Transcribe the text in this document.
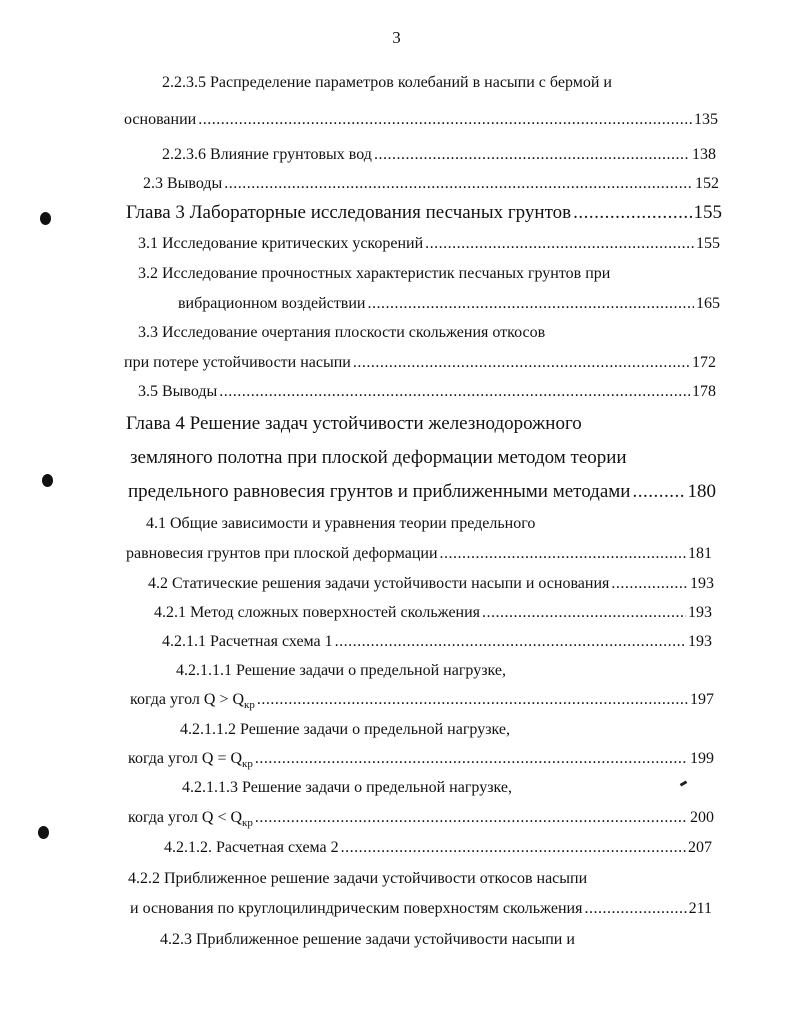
3
2.2.3.5 Распределение параметров колебаний в насыпи с бермой и
основании .....	135
2.2.3.6 Влияние грунтовых вод .....	138
2.3 Выводы .....	152
Глава 3 Лабораторные исследования песчаных грунтов .....	155
3.1 Исследование критических ускорений .....	155
3.2 Исследование прочностных характеристик песчаных грунтов при
вибрационном воздействии .....	165
3.3 Исследование очертания плоскости скольжения откосов
при потере устойчивости насыпи .....	172
3.5 Выводы .....	178
Глава 4 Решение задач устойчивости железнодорожного
земляного полотна при плоской деформации методом теории
предельного равновесия грунтов и приближенными методами .....	180
4.1 Общие зависимости и уравнения теории предельного
равновесия грунтов при плоской деформации .....	181
4.2 Статические решения задачи устойчивости насыпи и основания .....	193
4.2.1 Метод сложных поверхностей скольжения .....	193
4.2.1.1 Расчетная схема 1 .....	193
4.2.1.1.1 Решение задачи о предельной нагрузке,
когда угол $Q > Q_{кр}$ .....	197
4.2.1.1.2 Решение задачи о предельной нагрузке,
когда угол $Q = Q_{кр}$ .....	199
4.2.1.1.3 Решение задачи о предельной нагрузке,
когда угол $Q < Q_{кр}$ .....	200
4.2.1.2. Расчетная схема 2 .....	207
4.2.2 Приближенное решение задачи устойчивости откосов насыпи
и основания по круглоцилиндрическим поверхностям скольжения .....	211
4.2.3 Приближенное решение задачи устойчивости насыпи и
